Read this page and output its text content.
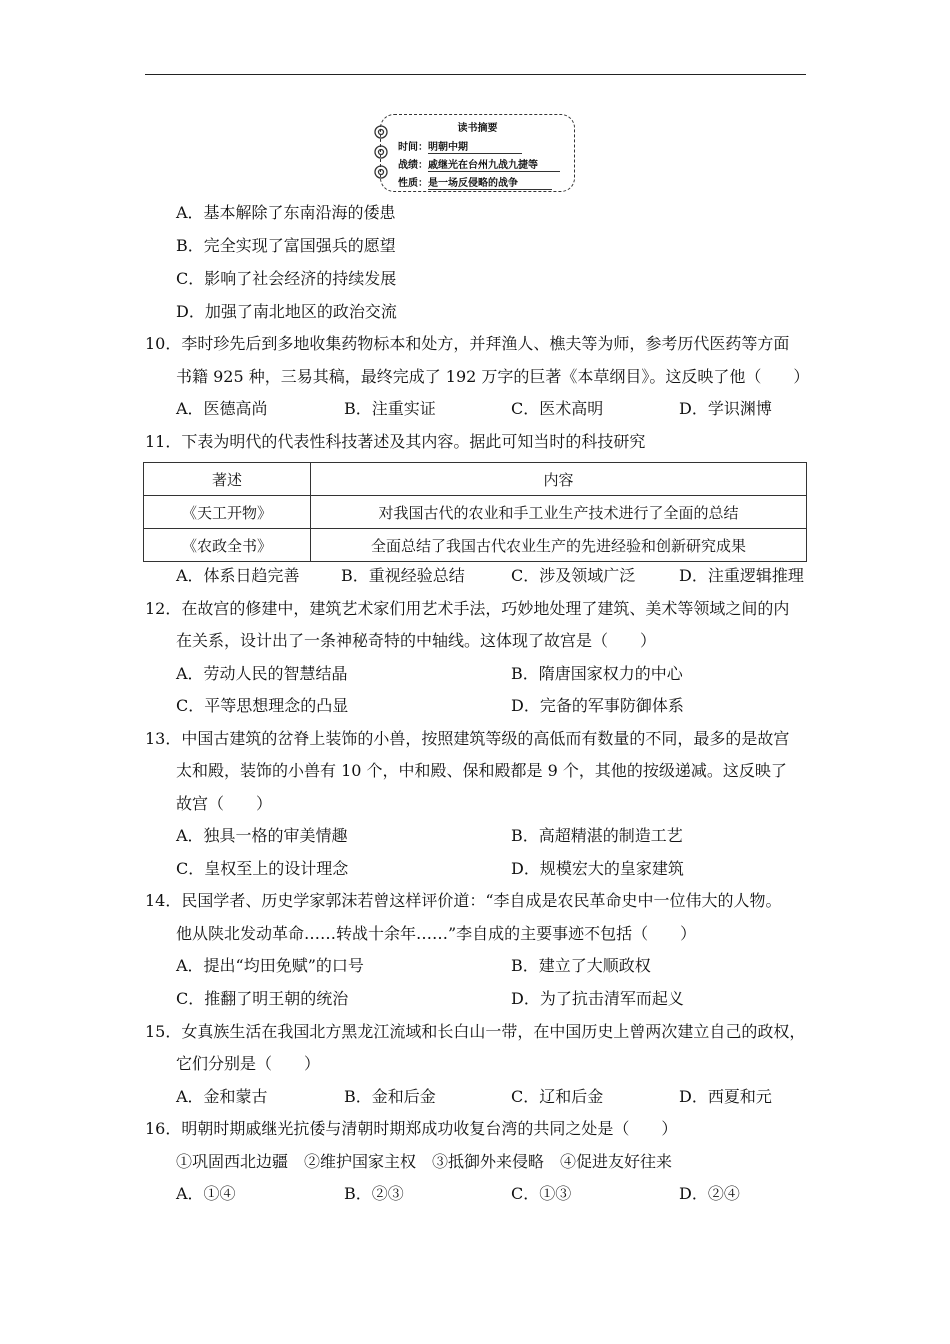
读书摘要
时间：明朝中期
战绩：戚继光在台州九战九捷等
性质：是一场反侵略的战争
A．基本解除了东南沿海的倭患
B．完全实现了富国强兵的愿望
C．影响了社会经济的持续发展
D．加强了南北地区的政治交流
10．李时珍先后到多地收集药物标本和处方，并拜渔人、樵夫等为师，参考历代医药等方面
书籍 925 种，三易其稿，最终完成了 192 万字的巨著《本草纲目》。这反映了他（　　）
A．医德高尚	B．注重实证	C．医术高明	D．学识渊博
11．下表为明代的代表性科技著述及其内容。据此可知当时的科技研究
著述	内容
《天工开物》	对我国古代的农业和手工业生产技术进行了全面的总结
《农政全书》	全面总结了我国古代农业生产的先进经验和创新研究成果
A．体系日趋完善	B．重视经验总结	C．涉及领域广泛	D．注重逻辑推理
12．在故宫的修建中，建筑艺术家们用艺术手法，巧妙地处理了建筑、美术等领域之间的内
在关系，设计出了一条神秘奇特的中轴线。这体现了故宫是（　　）
A．劳动人民的智慧结晶	B．隋唐国家权力的中心
C．平等思想理念的凸显	D．完备的军事防御体系
13．中国古建筑的岔脊上装饰的小兽，按照建筑等级的高低而有数量的不同，最多的是故宫
太和殿，装饰的小兽有 10 个，中和殿、保和殿都是 9 个，其他的按级递减。这反映了
故宫（　　）
A．独具一格的审美情趣	B．高超精湛的制造工艺
C．皇权至上的设计理念	D．规模宏大的皇家建筑
14．民国学者、历史学家郭沫若曾这样评价道：“李自成是农民革命史中一位伟大的人物。
他从陕北发动革命……转战十余年……”李自成的主要事迹不包括（　　）
A．提出“均田免赋”的口号	B．建立了大顺政权
C．推翻了明王朝的统治	D．为了抗击清军而起义
15．女真族生活在我国北方黑龙江流域和长白山一带，在中国历史上曾两次建立自己的政权，
它们分别是（　　）
A．金和蒙古	B．金和后金	C．辽和后金	D．西夏和元
16．明朝时期戚继光抗倭与清朝时期郑成功收复台湾的共同之处是（　　）
①巩固西北边疆　②维护国家主权　③抵御外来侵略　④促进友好往来
A．①④	B．②③	C．①③	D．②④
